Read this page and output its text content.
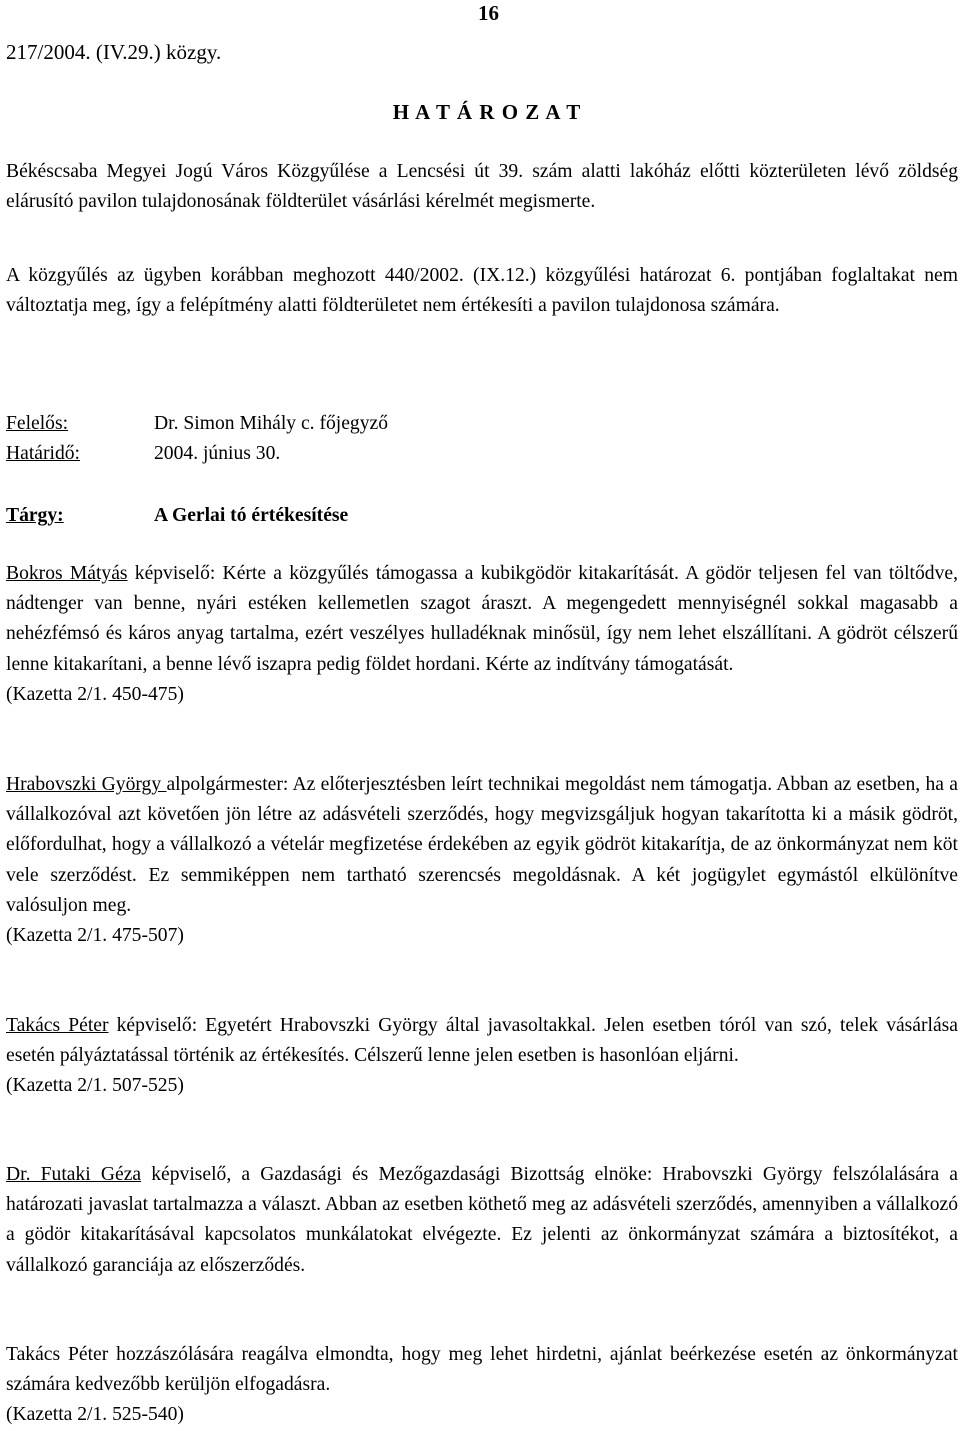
16
217/2004. (IV.29.) közgy.
H A T Á R O Z A T
Békéscsaba Megyei Jogú Város Közgyűlése a Lencsési út 39. szám alatti lakóház előtti közterületen lévő zöldség elárusító pavilon tulajdonosának földterület vásárlási kérelmét megismerte.
A közgyűlés az ügyben korábban meghozott 440/2002. (IX.12.) közgyűlési határozat 6. pontjában foglaltakat nem változtatja meg, így a felépítmény alatti földterületet nem értékesíti a pavilon tulajdonosa számára.
Felelős:	Dr. Simon Mihály c. főjegyző
Határidő:	2004. június 30.
Tárgy:	A Gerlai tó értékesítése
Bokros Mátyás képviselő: Kérte a közgyűlés támogassa a kubikgödör kitakarítását. A gödör teljesen fel van töltődve, nádtenger van benne, nyári estéken kellemetlen szagot áraszt. A megengedett mennyiségnél sokkal magasabb a nehézfémsó és káros anyag tartalma, ezért veszélyes hulladéknak minősül, így nem lehet elszállítani. A gödröt célszerű lenne kitakarítani, a benne lévő iszapra pedig földet hordani. Kérte az indítvány támogatását.
(Kazetta 2/1. 450-475)
Hrabovszki György alpolgármester: Az előterjesztésben leírt technikai megoldást nem támogatja. Abban az esetben, ha a vállalkozóval azt követően jön létre az adásvételi szerződés, hogy megvizsgáljuk hogyan takarította ki a másik gödröt, előfordulhat, hogy a vállalkozó a vételár megfizetése érdekében az egyik gödröt kitakarítja, de az önkormányzat nem köt vele szerződést. Ez semmiképpen nem tartható szerencsés megoldásnak. A két jogügylet egymástól elkülönítve valósuljon meg.
(Kazetta 2/1. 475-507)
Takács Péter képviselő: Egyetért Hrabovszki György által javasoltakkal. Jelen esetben tóról van szó, telek vásárlása esetén pályáztatással történik az értékesítés. Célszerű lenne jelen esetben is hasonlóan eljárni.
(Kazetta 2/1. 507-525)
Dr. Futaki Géza képviselő, a Gazdasági és Mezőgazdasági Bizottság elnöke: Hrabovszki György felszólalására a határozati javaslat tartalmazza a választ. Abban az esetben köthető meg az adásvételi szerződés, amennyiben a vállalkozó a gödör kitakarításával kapcsolatos munkálatokat elvégezte. Ez jelenti az önkormányzat számára a biztosítékot, a vállalkozó garanciája az előszerződés.
Takács Péter hozzászólására reagálva elmondta, hogy meg lehet hirdetni, ajánlat beérkezése esetén az önkormányzat számára kedvezőbb kerüljön elfogadásra.
(Kazetta 2/1. 525-540)
